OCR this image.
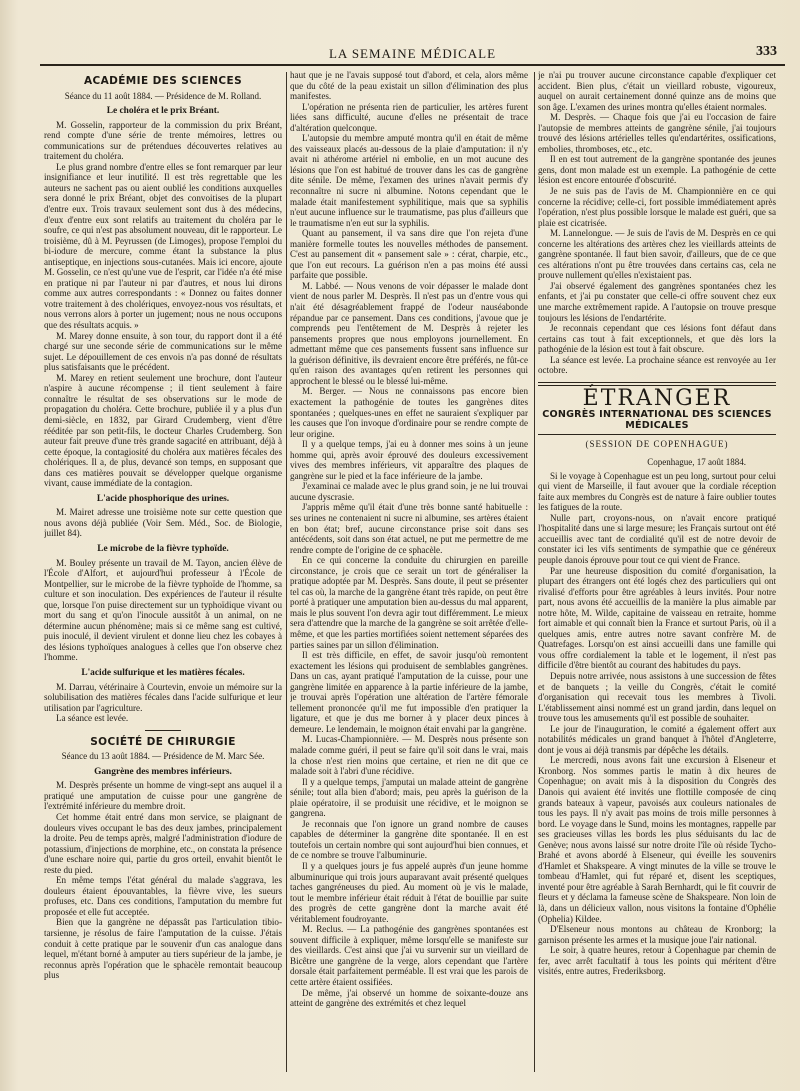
LA SEMAINE MÉDICALE	333
ACADÉMIE DES SCIENCES
Séance du 11 août 1884. — Présidence de M. Rolland.
Le choléra et le prix Bréant.

M. Gosselin, rapporteur de la commission du prix Bréant, rend compte d'une série de trente mémoires, lettres ou communications sur de prétendues découvertes relatives au traitement du choléra.

Le plus grand nombre d'entre elles se font remarquer par leur insignifiance et leur inutilité. Il est très regrettable que les auteurs ne sachent pas ou aient oublié les conditions auxquelles sera donné le prix Bréant, objet des convoitises de la plupart d'entre eux. Trois travaux seulement sont dus à des médecins, d'eux d'entre eux sont relatifs au traitement du choléra par le soufre, ce qui n'est pas absolument nouveau, dit le rapporteur. Le troisième, dû à M. Peyrussen (de Limoges), propose l'emploi du bi-iodure de mercure, comme étant la substance la plus antiseptique, en injections sous-cutanées. Mais ici encore, ajoute M. Gosselin, ce n'est qu'une vue de l'esprit, car l'idée n'a été mise en pratique ni par l'auteur ni par d'autres, et nous lui dirons comme aux autres correspondants : « Donnez ou faites donner votre traitement à des cholériques, envoyez-nous vos résultats, et nous verrons alors à porter un jugement; nous ne nous occupons que des résultats acquis. »

M. Marey donne ensuite, à son tour, du rapport dont il a été chargé sur une seconde série de communications sur le même sujet. Le dépouillement de ces envois n'a pas donné de résultats plus satisfaisants que le précédent.

M. Marey en retient seulement une brochure, dont l'auteur n'aspire à aucune récompense ; il tient seulement à faire connaître le résultat de ses observations sur le mode de propagation du choléra. Cette brochure, publiée il y a plus d'un demi-siècle, en 1832, par Girard Crudemberg, vient d'être rééditée par son petit-fils, le docteur Charles Crudemberg. Son auteur fait preuve d'une très grande sagacité en attribuant, déjà à cette époque, la contagiosité du choléra aux matières fécales des cholériques. Il a, de plus, devancé son temps, en supposant que dans ces matières pouvait se développer quelque organisme vivant, cause immédiate de la contagion.

L'acide phosphorique des urines.

M. Mairet adresse une troisième note sur cette question que nous avons déjà publiée (Voir Sem. Méd., Soc. de Biologie, juillet 84).

Le microbe de la fièvre typhoïde.

M. Bouley présente un travail de M. Tayon, ancien élève de l'École d'Alfort, et aujourd'hui professeur à l'École de Montpellier, sur le microbe de la fièvre typhoïde de l'homme, sa culture et son inoculation. Des expériences de l'auteur il résulte que, lorsque l'on puise directement sur un typhoïdique vivant ou mort du sang et qu'on l'inocule aussitôt à un animal, on ne détermine aucun phénomène; mais si ce même sang est cultivé, puis inoculé, il devient virulent et donne lieu chez les cobayes à des lésions typhoïques analogues à celles que l'on observe chez l'homme.

L'acide sulfurique et les matières fécales.

M. Darrau, vétérinaire à Courtevin, envoie un mémoire sur la solubilisation des matières fécales dans l'acide sulfurique et leur utilisation par l'agriculture.

La séance est levée.

SOCIÉTÉ DE CHIRURGIE
Séance du 13 août 1884. — Présidence de M. Marc Sée.
Gangrène des membres inférieurs.

M. Desprès présente un homme de vingt-sept ans auquel il a pratiqué une amputation de cuisse pour une gangrène de l'extrémité inférieure du membre droit.

Cet homme était entré dans mon service, se plaignant de douleurs vives occupant le bas des deux jambes, principalement la droite. Peu de temps après, malgré l'administration d'iodure de potassium, d'injections de morphine, etc., on constata la présence d'une eschare noire qui, partie du gros orteil, envahit bientôt le reste du pied.

En même temps l'état général du malade s'aggrava, les douleurs étaient épouvantables, la fièvre vive, les sueurs profuses, etc. Dans ces conditions, l'amputation du membre fut proposée et elle fut acceptée.

Bien que la gangrène ne dépassât pas l'articulation tibio-tarsienne, je résolus de faire l'amputation de la cuisse. J'étais conduit à cette pratique par le souvenir d'un cas analogue dans lequel, m'étant borné à amputer au tiers supérieur de la jambe, je reconnus après l'opération que le sphacèle remontait beaucoup plus

haut que je ne l'avais supposé tout d'abord, et cela, alors même que du côté de la peau existait un sillon d'élimination des plus manifestes.

L'opération ne présenta rien de particulier, les artères furent liées sans difficulté, aucune d'elles ne présentait de trace d'altération quelconque.

L'autopsie du membre amputé montra qu'il en était de même des vaisseaux placés au-dessous de la plaie d'amputation: il n'y avait ni athérome artériel ni embolie, en un mot aucune des lésions que l'on est habitué de trouver dans les cas de gangrène dite sénile. De même, l'examen des urines n'avait permis d'y reconnaître ni sucre ni albumine. Notons cependant que le malade était manifestement syphilitique, mais que sa syphilis n'eut aucune influence sur le traumatisme, pas plus d'ailleurs que le traumatisme n'en eut sur la syphilis.

Quant au pansement, il va sans dire que l'on rejeta d'une manière formelle toutes les nouvelles méthodes de pansement. C'est au pansement dit « pansement sale » : cérat, charpie, etc., que l'on eut recours. La guérison n'en a pas moins été aussi parfaite que possible.

M. Labbé. — Nous venons de voir dépasser le malade dont vient de nous parler M. Desprès. Il n'est pas un d'entre vous qui n'ait été désagréablement frappé de l'odeur nauséabonde répandue par ce pansement. Dans ces conditions, j'avoue que je comprends peu l'entêtement de M. Desprès à rejeter les pansements propres que nous employons journellement. En admettant même que ces pansements fussent sans influence sur la guérison définitive, ils devraient encore être préférés, ne fût-ce qu'en raison des avantages qu'en retirent les personnes qui approchent le blessé ou le blessé lui-même.

M. Berger. — Nous ne connaissons pas encore bien exactement la pathogénie de toutes les gangrènes dites spontanées ; quelques-unes en effet ne sauraient s'expliquer par les causes que l'on invoque d'ordinaire pour se rendre compte de leur origine.

Il y a quelque temps, j'ai eu à donner mes soins à un jeune homme qui, après avoir éprouvé des douleurs excessivement vives des membres inférieurs, vit apparaître des plaques de gangrène sur le pied et la face inférieure de la jambe.

J'examinai ce malade avec le plus grand soin, je ne lui trouvai aucune dyscrasie.

J'appris même qu'il était d'une très bonne santé habituelle : ses urines ne contenaient ni sucre ni albumine, ses artères étaient en bon état; bref, aucune circonstance prise soit dans ses antécédents, soit dans son état actuel, ne put me permettre de me rendre compte de l'origine de ce sphacèle.

En ce qui concerne la conduite du chirurgien en pareille circonstance, je crois que ce serait un tort de généraliser la pratique adoptée par M. Desprès. Sans doute, il peut se présenter tel cas où, la marche de la gangrène étant très rapide, on peut être porté à pratiquer une amputation bien au-dessus du mal apparent, mais le plus souvent l'on devra agir tout différemment. Le mieux sera d'attendre que la marche de la gangrène se soit arrêtée d'elle-même, et que les parties mortifiées soient nettement séparées des parties saines par un sillon d'élimination.

Il est très difficile, en effet, de savoir jusqu'où remontent exactement les lésions qui produisent de semblables gangrènes. Dans un cas, ayant pratiqué l'amputation de la cuisse, pour une gangrène limitée en apparence à la partie inférieure de la jambe, je trouvai après l'opération une altération de l'artère fémorale tellement prononcée qu'il me fut impossible d'en pratiquer la ligature, et que je dus me borner à y placer deux pinces à demeure. Le lendemain, le moignon était envahi par la gangrène.

M. Lucas-Championnière. — M. Desprès nous présente son malade comme guéri, il peut se faire qu'il soit dans le vrai, mais la chose n'est rien moins que certaine, et rien ne dit que ce malade soit à l'abri d'une récidive.

Il y a quelque temps, j'amputai un malade atteint de gangrène sénile; tout alla bien d'abord; mais, peu après la guérison de la plaie opératoire, il se produisit une récidive, et le moignon se gangrena.

Je reconnais que l'on ignore un grand nombre de causes capables de déterminer la gangrène dite spontanée. Il en est toutefois un certain nombre qui sont aujourd'hui bien connues, et de ce nombre se trouve l'albuminurie.

Il y a quelques jours je fus appelé auprès d'un jeune homme albuminurique qui trois jours auparavant avait présenté quelques taches gangréneuses du pied. Au moment où je vis le malade, tout le membre inférieur était réduit à l'état de bouillie par suite des progrès de cette gangrène dont la marche avait été véritablement foudroyante.

M. Reclus. — La pathogénie des gangrènes spontanées est souvent difficile à expliquer, même lorsqu'elle se manifeste sur des vieillards. C'est ainsi que j'ai vu survenir sur un vieillard de Bicêtre une gangrène de la verge, alors cependant que l'artère dorsale était parfaitement perméable. Il est vrai que les parois de cette artère étaient ossifiées.

De même, j'ai observé un homme de soixante-douze ans atteint de gangrène des extrémités et chez lequel

je n'ai pu trouver aucune circonstance capable d'expliquer cet accident. Bien plus, c'était un vieillard robuste, vigoureux, auquel on aurait certainement donné quinze ans de moins que son âge. L'examen des urines montra qu'elles étaient normales.

M. Desprès. — Chaque fois que j'ai eu l'occasion de faire l'autopsie de membres atteints de gangrène sénile, j'ai toujours trouvé des lésions artérielles telles qu'endartérites, ossifications, embolies, thromboses, etc., etc.

Il en est tout autrement de la gangrène spontanée des jeunes gens, dont mon malade est un exemple. La pathogénie de cette lésion est encore entourée d'obscurité.

Je ne suis pas de l'avis de M. Championnière en ce qui concerne la récidive; celle-ci, fort possible immédiatement après l'opération, n'est plus possible lorsque le malade est guéri, que sa plaie est cicatrisée.

M. Lannelongue. — Je suis de l'avis de M. Desprès en ce qui concerne les altérations des artères chez les vieillards atteints de gangrène spontanée. Il faut bien savoir, d'ailleurs, que de ce que ces altérations n'ont pu être trouvées dans certains cas, cela ne prouve nullement qu'elles n'existaient pas.

J'ai observé également des gangrènes spontanées chez les enfants, et j'ai pu constater que celle-ci offre souvent chez eux une marche extrêmement rapide. A l'autopsie on trouve presque toujours les lésions de l'endartérite.

Je reconnais cependant que ces lésions font défaut dans certains cas tout à fait exceptionnels, et que dès lors la pathogénie de la lésion est tout à fait obscure.

La séance est levée. La prochaine séance est renvoyée au 1er octobre.

ÉTRANGER
CONGRÈS INTERNATIONAL DES SCIENCES MÉDICALES
(SESSION DE COPENHAGUE)
Copenhague, 17 août 1884.

Si le voyage à Copenhague est un peu long, surtout pour celui qui vient de Marseille, il faut avouer que la cordiale réception faite aux membres du Congrès est de nature à faire oublier toutes les fatigues de la route.

Nulle part, croyons-nous, on n'avait encore pratiqué l'hospitalité dans une si large mesure; les Français surtout ont été accueillis avec tant de cordialité qu'il est de notre devoir de constater ici les vifs sentiments de sympathie que ce généreux peuple danois éprouve pour tout ce qui vient de France.

Par une heureuse disposition du comité d'organisation, la plupart des étrangers ont été logés chez des particuliers qui ont rivalisé d'efforts pour être agréables à leurs invités. Pour notre part, nous avons été accueillis de la manière la plus aimable par notre hôte, M. Wilde, capitaine de vaisseau en retraite, homme fort aimable et qui connaît bien la France et surtout Paris, où il a quelques amis, entre autres notre savant confrère M. de Quatrefages. Lorsqu'on est ainsi accueilli dans une famille qui vous offre cordialement la table et le logement, il n'est pas difficile d'être bientôt au courant des habitudes du pays.

Depuis notre arrivée, nous assistons à une succession de fêtes et de banquets ; la veille du Congrès, c'était le comité d'organisation qui recevait tous les membres à Tivoli. L'établissement ainsi nommé est un grand jardin, dans lequel on trouve tous les amusements qu'il est possible de souhaiter.

Le jour de l'inauguration, le comité a également offert aux notabilités médicales un grand banquet à l'hôtel d'Angleterre, dont je vous ai déjà transmis par dépêche les détails.

Le mercredi, nous avons fait une excursion à Elseneur et Kronborg. Nos sommes partis le matin à dix heures de Copenhague; on avait mis à la disposition du Congrès des Danois qui avaient été invités une flottille composée de cinq grands bateaux à vapeur, pavoisés aux couleurs nationales de tous les pays. Il n'y avait pas moins de trois mille personnes à bord. Le voyage dans le Sund, moins les montagnes, rappelle par ses gracieuses villas les bords les plus séduisants du lac de Genève; nous avons laissé sur notre droite l'île où réside Tycho-Brahé et avons abordé à Elseneur, qui éveille les souvenirs d'Hamlet et Shakspeare. A vingt minutes de la ville se trouve le tombeau d'Hamlet, qui fut réparé et, disent les sceptiques, inventé pour être agréable à Sarah Bernhardt, qui le fit couvrir de fleurs et y déclama la fameuse scène de Shakspeare. Non loin de là, dans un délicieux vallon, nous visitons la fontaine d'Ophélie (Ophelia) Kildee.

D'Elseneur nous montons au château de Kronborg; la garnison présente les armes et la musique joue l'air national.

Le soir, à quatre heures, retour à Copenhague par chemin de fer, avec arrêt facultatif à tous les points qui méritent d'être visités, entre autres, Frederiksborg.
